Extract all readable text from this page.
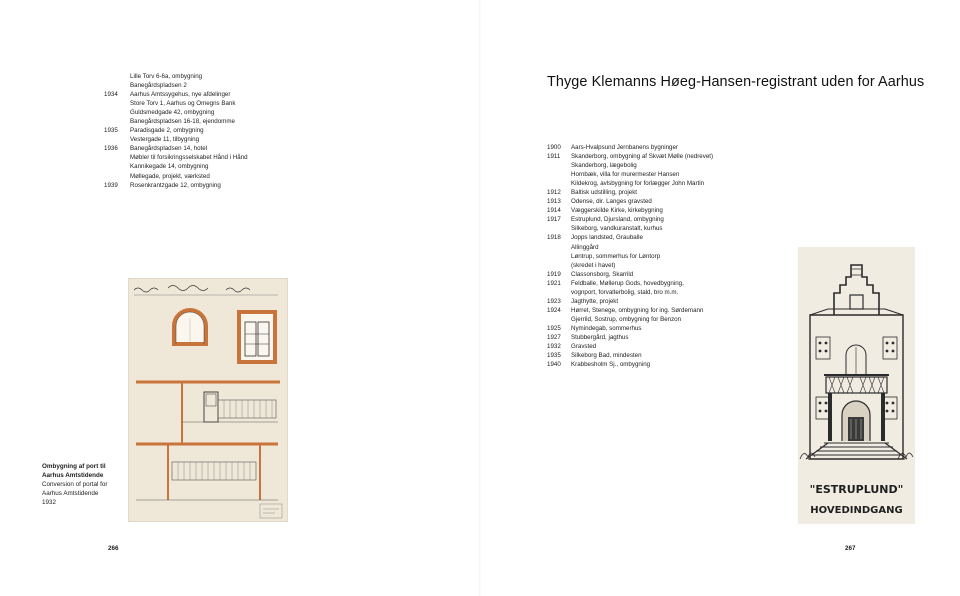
Lille Torv 6-6a, ombygning
Banegårdspladsen 2
1934	Aarhus Amtssygehus, nye afdelinger
Store Torv 1, Aarhus og Omegns Bank
Guldsmedgade 42, ombygning
Banegårdspladsen 16-18, ejendomme
1935	Paradisgade 2, ombygning
Vestergade 11, tilbygning
1936	Banegårdspladsen 14, hotel
Møbler til forsikringsselskabet Hånd i Hånd
Kannikegade 14, ombygning
Møllegade, projekt, værksted
1939	Rosenkrantzgade 12, ombygning
Ombygning af port til
Aarhus Amtstidende
Conversion of portal for
Aarhus Amtstidende
1932
266
Thyge Klemanns Høeg-Hansen-registrant uden for Aarhus
1900	Aars-Hvalpsund Jernbanens bygninger
1911	Skanderborg, ombygning af Skvæt Mølle (nedrevet)
Skanderborg, lægebolig
Hornbæk, villa for murermester Hansen
Kildekrog, avlsbygning for forlægger John Martin
1912	Baltisk udstilling, projekt
1913	Odense, dir. Langes gravsted
1914	Væggerskilde Kirke, kirkebygning
1917	Estruplund, Djursland, ombygning
Silkeborg, vandkuranstalt, kurhus
1918	Jopps landsted, Grauballe
Allinggård
Løntrup, sommerhus for Løntorp
(skredet i havet)
1919	Classonsborg, Skarrild
1921	Feldballe, Møllerup Gods, hovedbygning,
vognport, forvalterbolig, stald, bro m.m.
1923	Jagthytte, projekt
1924	Hørret, Stenege, ombygning for ing. Sørdemann
Gjerrild, Sostrup, ombygning for Benzon
1925	Nymindegab, sommerhus
1927	Stubbergård, jagthus
1932	Gravsted
1935	Silkeborg Bad, mindesten
1940	Krabbesholm Sj., ombygning
"ESTRUPLUND"
HOVEDINDGANG
267
